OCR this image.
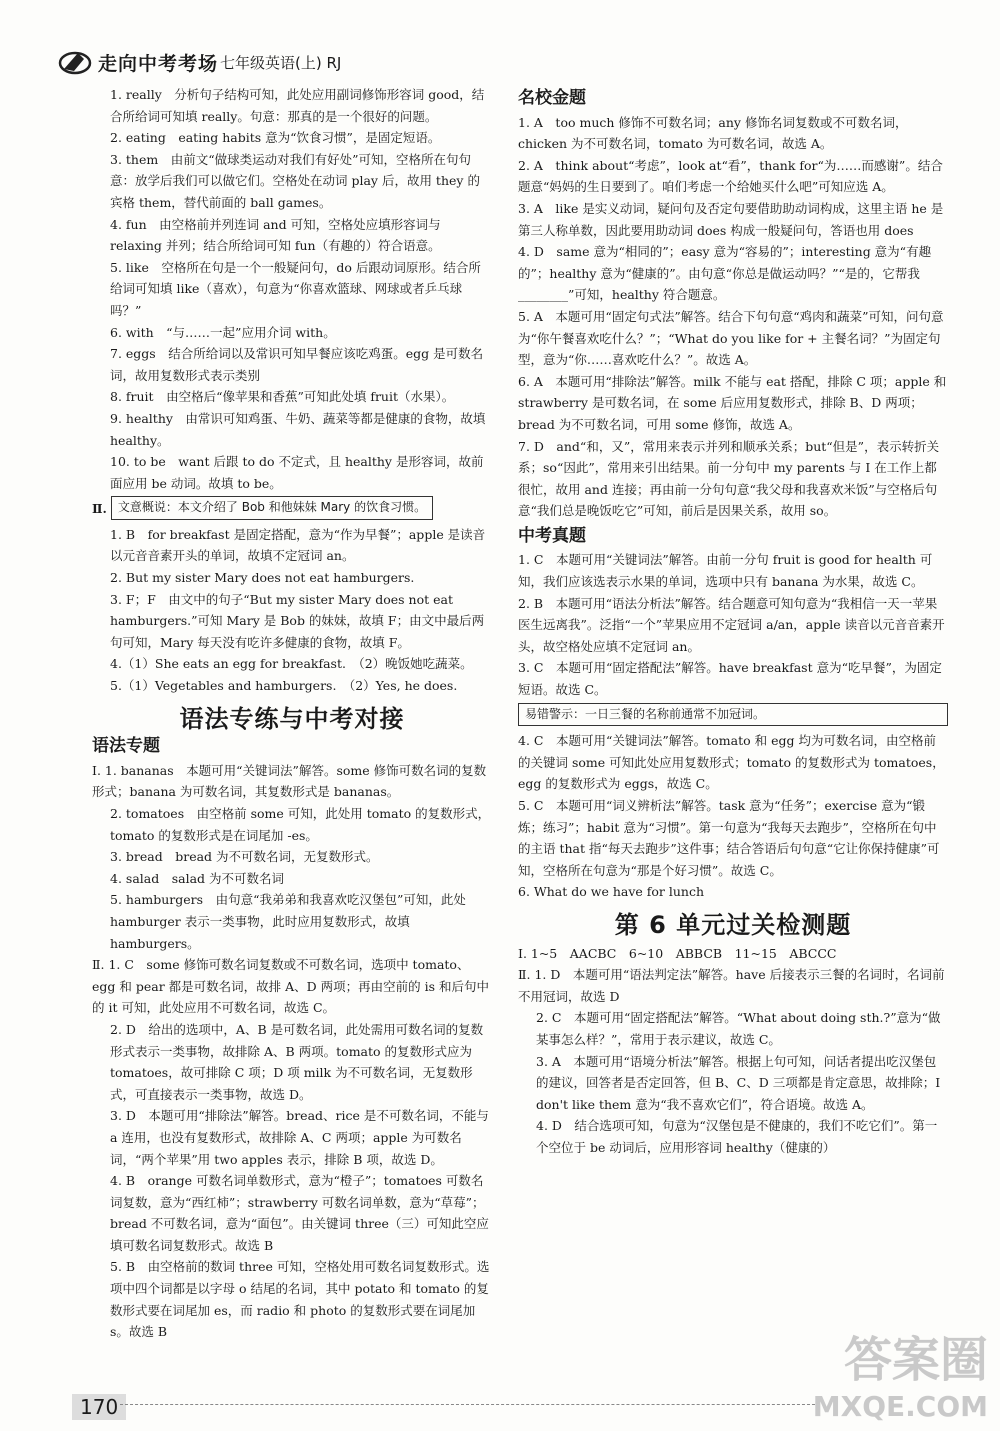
走向中考考场 七年级英语(上) RJ

1. really　分析句子结构可知，此处应用副词修饰形容词 good，结合所给词可知填 really。句意：那真的是一个很好的问题。

2. eating　eating habits 意为“饮食习惯”，是固定短语。

3. them　由前文“做球类运动对我们有好处”可知，空格所在句句意：放学后我们可以做它们。空格处在动词 play 后，故用 they 的宾格 them，替代前面的 ball games。

4. fun　由空格前并列连词 and 可知，空格处应填形容词与 relaxing 并列；结合所给词可知 fun（有趣的）符合语意。

5. like　空格所在句是一个一般疑问句，do 后跟动词原形。结合所给词可知填 like（喜欢），句意为“你喜欢篮球、网球或者乒乓球吗？”

6. with　“与……一起”应用介词 with。

7. eggs　结合所给词以及常识可知早餐应该吃鸡蛋。egg 是可数名词，故用复数形式表示类别

8. fruit　由空格后“像苹果和香蕉”可知此处填 fruit（水果）。

9. healthy　由常识可知鸡蛋、牛奶、蔬菜等都是健康的食物，故填 healthy。

10. to be　want 后跟 to do 不定式，且 healthy 是形容词，故前面应用 be 动词。故填 to be。

Ⅱ. 文意概说：本文介绍了 Bob 和他妹妹 Mary 的饮食习惯。

1. B　for breakfast 是固定搭配，意为“作为早餐”；apple 是读音以元音音素开头的单词，故填不定冠词 an。

2. But my sister Mary does not eat hamburgers.

3. F；F　由文中的句子“But my sister Mary does not eat hamburgers.”可知 Mary 是 Bob 的妹妹，故填 F；由文中最后两句可知，Mary 每天没有吃许多健康的食物，故填 F。

4.（1）She eats an egg for breakfast.　（2）晚饭她吃蔬菜。

5.（1）Vegetables and hamburgers.　（2）Yes, he does.

语法专练与中考对接
语法专题

Ⅰ. 1. bananas　本题可用“关键词法”解答。some 修饰可数名词的复数形式；banana 为可数名词，其复数形式是 bananas。

2. tomatoes　由空格前 some 可知，此处用 tomato 的复数形式，tomato 的复数形式是在词尾加 -es。

3. bread　bread 为不可数名词，无复数形式。

4. salad　salad 为不可数名词

5. hamburgers　由句意“我弟弟和我喜欢吃汉堡包”可知，此处 hamburger 表示一类事物，此时应用复数形式，故填 hamburgers。

Ⅱ. 1. C　some 修饰可数名词复数或不可数名词，选项中 tomato、egg 和 pear 都是可数名词，故排 A、D 两项；再由空前的 is 和后句中的 it 可知，此处应用不可数名词，故选 C。

2. D　给出的选项中，A、B 是可数名词，此处需用可数名词的复数形式表示一类事物，故排除 A、B 两项。tomato 的复数形式应为 tomatoes，故可排除 C 项；D 项 milk 为不可数名词，无复数形式，可直接表示一类事物，故选 D。

3. D　本题可用“排除法”解答。bread、rice 是不可数名词，不能与 a 连用，也没有复数形式，故排除 A、C 两项；apple 为可数名词，“两个苹果”用 two apples 表示，排除 B 项，故选 D。

4. B　orange 可数名词单数形式，意为“橙子”；tomatoes 可数名词复数，意为“西红柿”；strawberry 可数名词单数，意为“草莓”；bread 不可数名词，意为“面包”。由关键词 three（三）可知此空应填可数名词复数形式。故选 B

5. B　由空格前的数词 three 可知，空格处用可数名词复数形式。选项中四个词都是以字母 o 结尾的名词，其中 potato 和 tomato 的复数形式要在词尾加 es，而 radio 和 photo 的复数形式要在词尾加 s。故选 B

名校金题

1. A　too much 修饰不可数名词；any 修饰名词复数或不可数名词，chicken 为不可数名词，tomato 为可数名词，故选 A。

2. A　think about“考虑”，look at“看”，thank for“为……而感谢”。结合题意“妈妈的生日要到了。咱们考虑一个给她买什么吧”可知应选 A。

3. A　like 是实义动词，疑问句及否定句要借助助动词构成，这里主语 he 是第三人称单数，因此要用助动词 does 构成一般疑问句，答语也用 does

4. D　same 意为“相同的”；easy 意为“容易的”；interesting 意为“有趣的”；healthy 意为“健康的”。由句意“你总是做运动吗？”“是的，它帮我________”可知，healthy 符合题意。

5. A　本题可用“固定句式法”解答。结合下句句意“鸡肉和蔬菜”可知，问句意为“你午餐喜欢吃什么？”；“What do you like for + 主餐名词？”为固定句型，意为“你……喜欢吃什么？”。故选 A。

6. A　本题可用“排除法”解答。milk 不能与 eat 搭配，排除 C 项；apple 和 strawberry 是可数名词，在 some 后应用复数形式，排除 B、D 两项；bread 为不可数名词，可用 some 修饰，故选 A。

7. D　and“和，又”，常用来表示并列和顺承关系；but“但是”，表示转折关系；so“因此”，常用来引出结果。前一分句中 my parents 与 I 在工作上都很忙，故用 and 连接；再由前一分句句意“我父母和我喜欢米饭”与空格后句意“我们总是晚饭吃它”可知，前后是因果关系，故用 so。

中考真题

1. C　本题可用“关键词法”解答。由前一分句 fruit is good for health 可知，我们应该选表示水果的单词，选项中只有 banana 为水果，故选 C。

2. B　本题可用“语法分析法”解答。结合题意可知句意为“我相信一天一苹果医生远离我”。泛指“一个”苹果应用不定冠词 a/an，apple 读音以元音音素开头，故空格处应填不定冠词 an。

3. C　本题可用“固定搭配法”解答。have breakfast 意为“吃早餐”，为固定短语。故选 C。

易错警示：一日三餐的名称前通常不加冠词。

4. C　本题可用“关键词法”解答。tomato 和 egg 均为可数名词，由空格前的关键词 some 可知此处应用复数形式；tomato 的复数形式为 tomatoes，egg 的复数形式为 eggs，故选 C。

5. C　本题可用“词义辨析法”解答。task 意为“任务”；exercise 意为“锻炼；练习”；habit 意为“习惯”。第一句意为“我每天去跑步”，空格所在句中的主语 that 指“每天去跑步”这件事；结合答语后句句意“它让你保持健康”可知，空格所在句意为“那是个好习惯”。故选 C。

6. What do we have for lunch

第 6 单元过关检测题

Ⅰ. 1~5　AACBC　6~10　ABBCB　11~15　ABCCC

Ⅱ. 1. D　本题可用“语法判定法”解答。have 后接表示三餐的名词时，名词前不用冠词，故选 D

2. C　本题可用“固定搭配法”解答。“What about doing sth.?”意为“做某事怎么样？”，常用于表示建议，故选 C。

3. A　本题可用“语境分析法”解答。根据上句可知，问话者提出吃汉堡包的建议，回答者是否定回答，但 B、C、D 三项都是肯定意思，故排除；I don't like them 意为“我不喜欢它们”，符合语境。故选 A。

4. D　结合选项可知，句意为“汉堡包是不健康的，我们不吃它们”。第一个空位于 be 动词后，应用形容词 healthy（健康的）

170
答案圈
MXQE.COM
